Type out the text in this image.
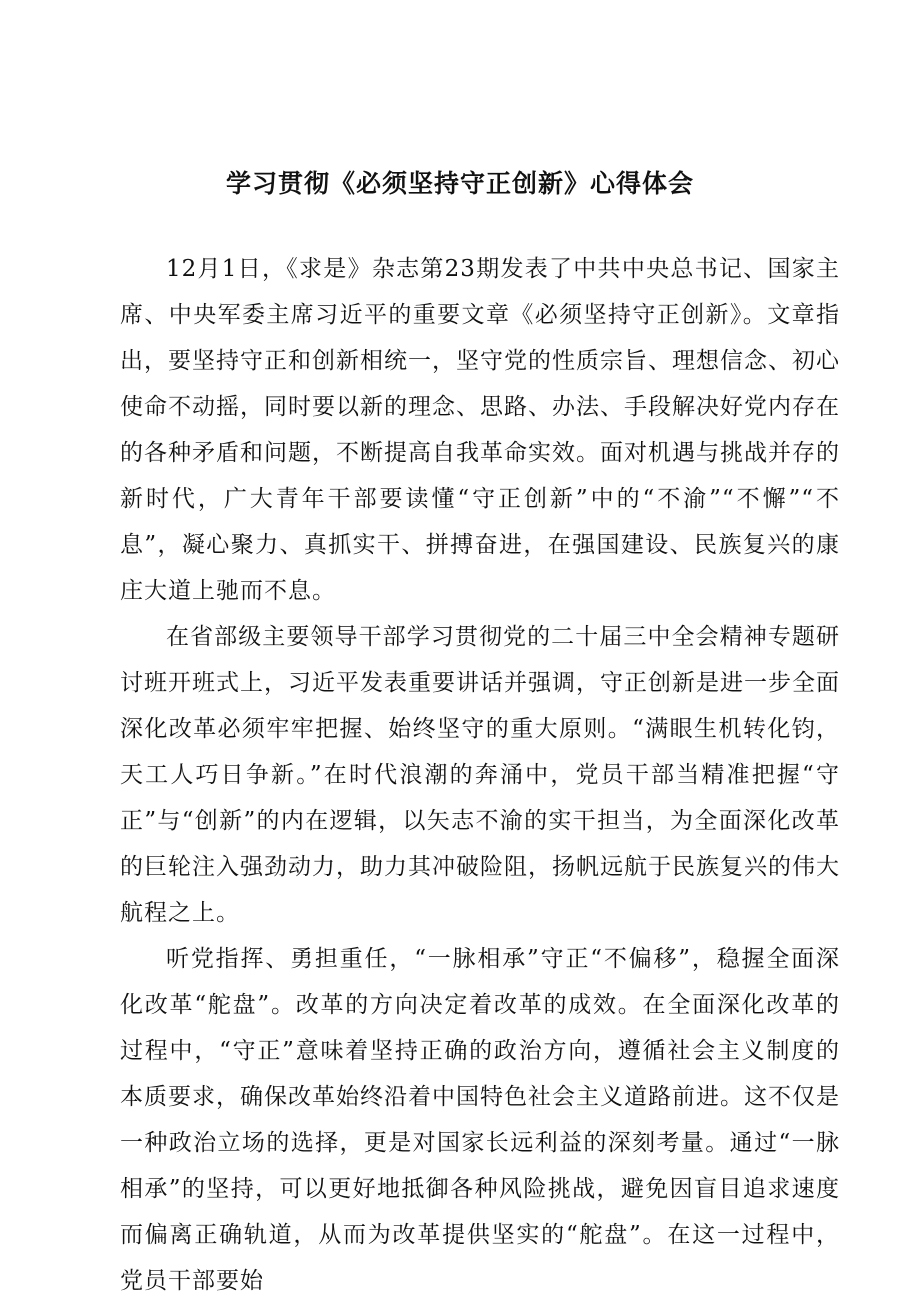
学习贯彻《必须坚持守正创新》心得体会

12月1日，《求是》杂志第23期发表了中共中央总书记、国家主席、中央军委主席习近平的重要文章《必须坚持守正创新》。文章指出，要坚持守正和创新相统一，坚守党的性质宗旨、理想信念、初心使命不动摇，同时要以新的理念、思路、办法、手段解决好党内存在的各种矛盾和问题，不断提高自我革命实效。面对机遇与挑战并存的新时代，广大青年干部要读懂“守正创新”中的“不渝”“不懈”“不息”，凝心聚力、真抓实干、拼搏奋进，在强国建设、民族复兴的康庄大道上驰而不息。

在省部级主要领导干部学习贯彻党的二十届三中全会精神专题研讨班开班式上，习近平发表重要讲话并强调，守正创新是进一步全面深化改革必须牢牢把握、始终坚守的重大原则。“满眼生机转化钧，天工人巧日争新。”在时代浪潮的奔涌中，党员干部当精准把握“守正”与“创新”的内在逻辑，以矢志不渝的实干担当，为全面深化改革的巨轮注入强劲动力，助力其冲破险阻，扬帆远航于民族复兴的伟大航程之上。

听党指挥、勇担重任，“一脉相承”守正“不偏移”，稳握全面深化改革“舵盘”。改革的方向决定着改革的成效。在全面深化改革的过程中，“守正”意味着坚持正确的政治方向，遵循社会主义制度的本质要求，确保改革始终沿着中国特色社会主义道路前进。这不仅是一种政治立场的选择，更是对国家长远利益的深刻考量。通过“一脉相承”的坚持，可以更好地抵御各种风险挑战，避免因盲目追求速度而偏离正确轨道，从而为改革提供坚实的“舵盘”。在这一过程中，党员干部要始
